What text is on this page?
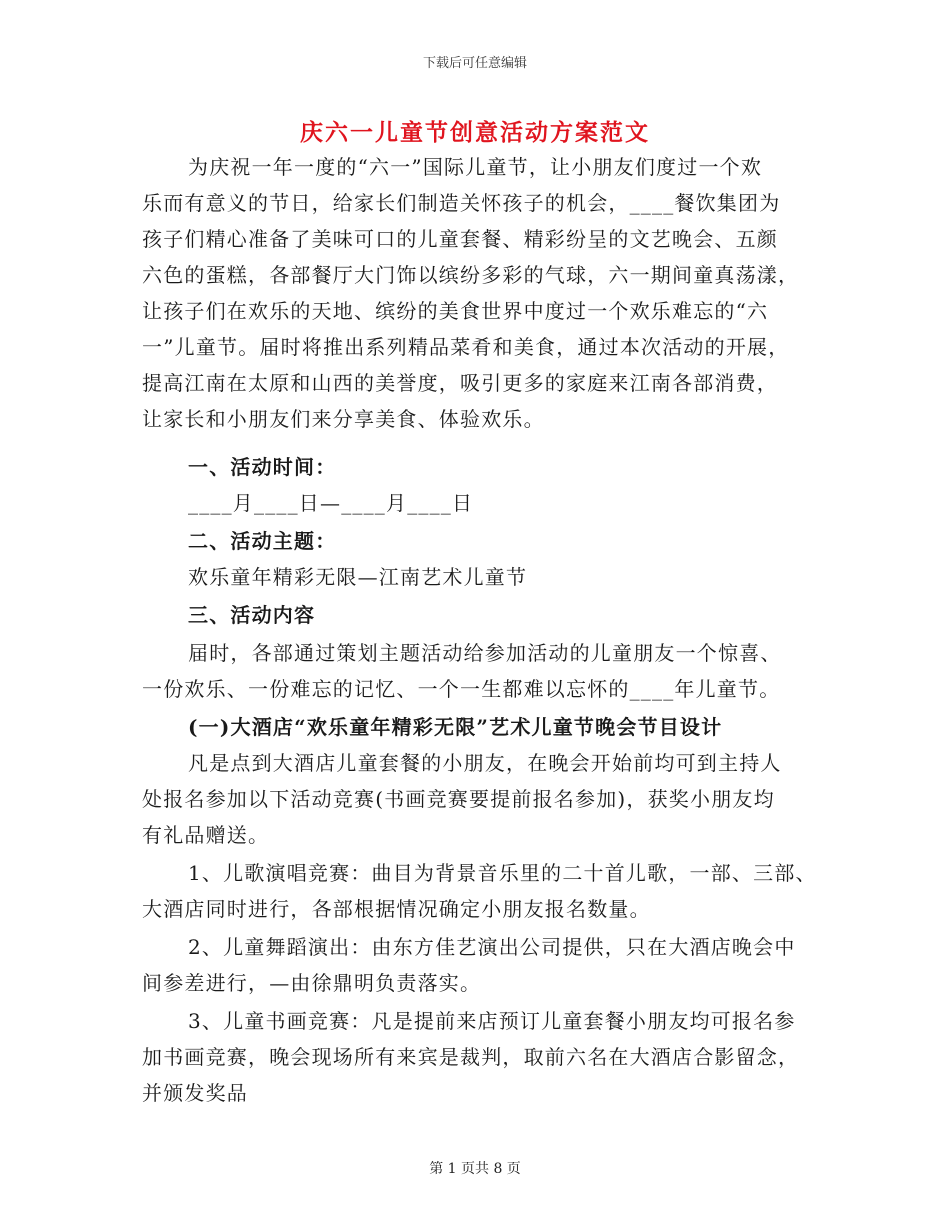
下载后可任意编辑
庆六一儿童节创意活动方案范文
为庆祝一年一度的“六一”国际儿童节，让小朋友们度过一个欢
乐而有意义的节日，给家长们制造关怀孩子的机会，____餐饮集团为
孩子们精心准备了美味可口的儿童套餐、精彩纷呈的文艺晚会、五颜
六色的蛋糕，各部餐厅大门饰以缤纷多彩的气球，六一期间童真荡漾，
让孩子们在欢乐的天地、缤纷的美食世界中度过一个欢乐难忘的“六
一”儿童节。届时将推出系列精品菜肴和美食，通过本次活动的开展，
提高江南在太原和山西的美誉度，吸引更多的家庭来江南各部消费，
让家长和小朋友们来分享美食、体验欢乐。
一、活动时间：
____月____日—____月____日
二、活动主题：
欢乐童年精彩无限—江南艺术儿童节
三、活动内容
届时，各部通过策划主题活动给参加活动的儿童朋友一个惊喜、
一份欢乐、一份难忘的记忆、一个一生都难以忘怀的____年儿童节。
(一)大酒店“欢乐童年精彩无限”艺术儿童节晚会节目设计
凡是点到大酒店儿童套餐的小朋友，在晚会开始前均可到主持人
处报名参加以下活动竞赛(书画竞赛要提前报名参加)，获奖小朋友均
有礼品赠送。
1、儿歌演唱竞赛：曲目为背景音乐里的二十首儿歌，一部、三部、
大酒店同时进行，各部根据情况确定小朋友报名数量。
2、儿童舞蹈演出：由东方佳艺演出公司提供，只在大酒店晚会中
间参差进行，—由徐鼎明负责落实。
3、儿童书画竞赛：凡是提前来店预订儿童套餐小朋友均可报名参
加书画竞赛，晚会现场所有来宾是裁判，取前六名在大酒店合影留念，
并颁发奖品
第 1 页共 8 页
